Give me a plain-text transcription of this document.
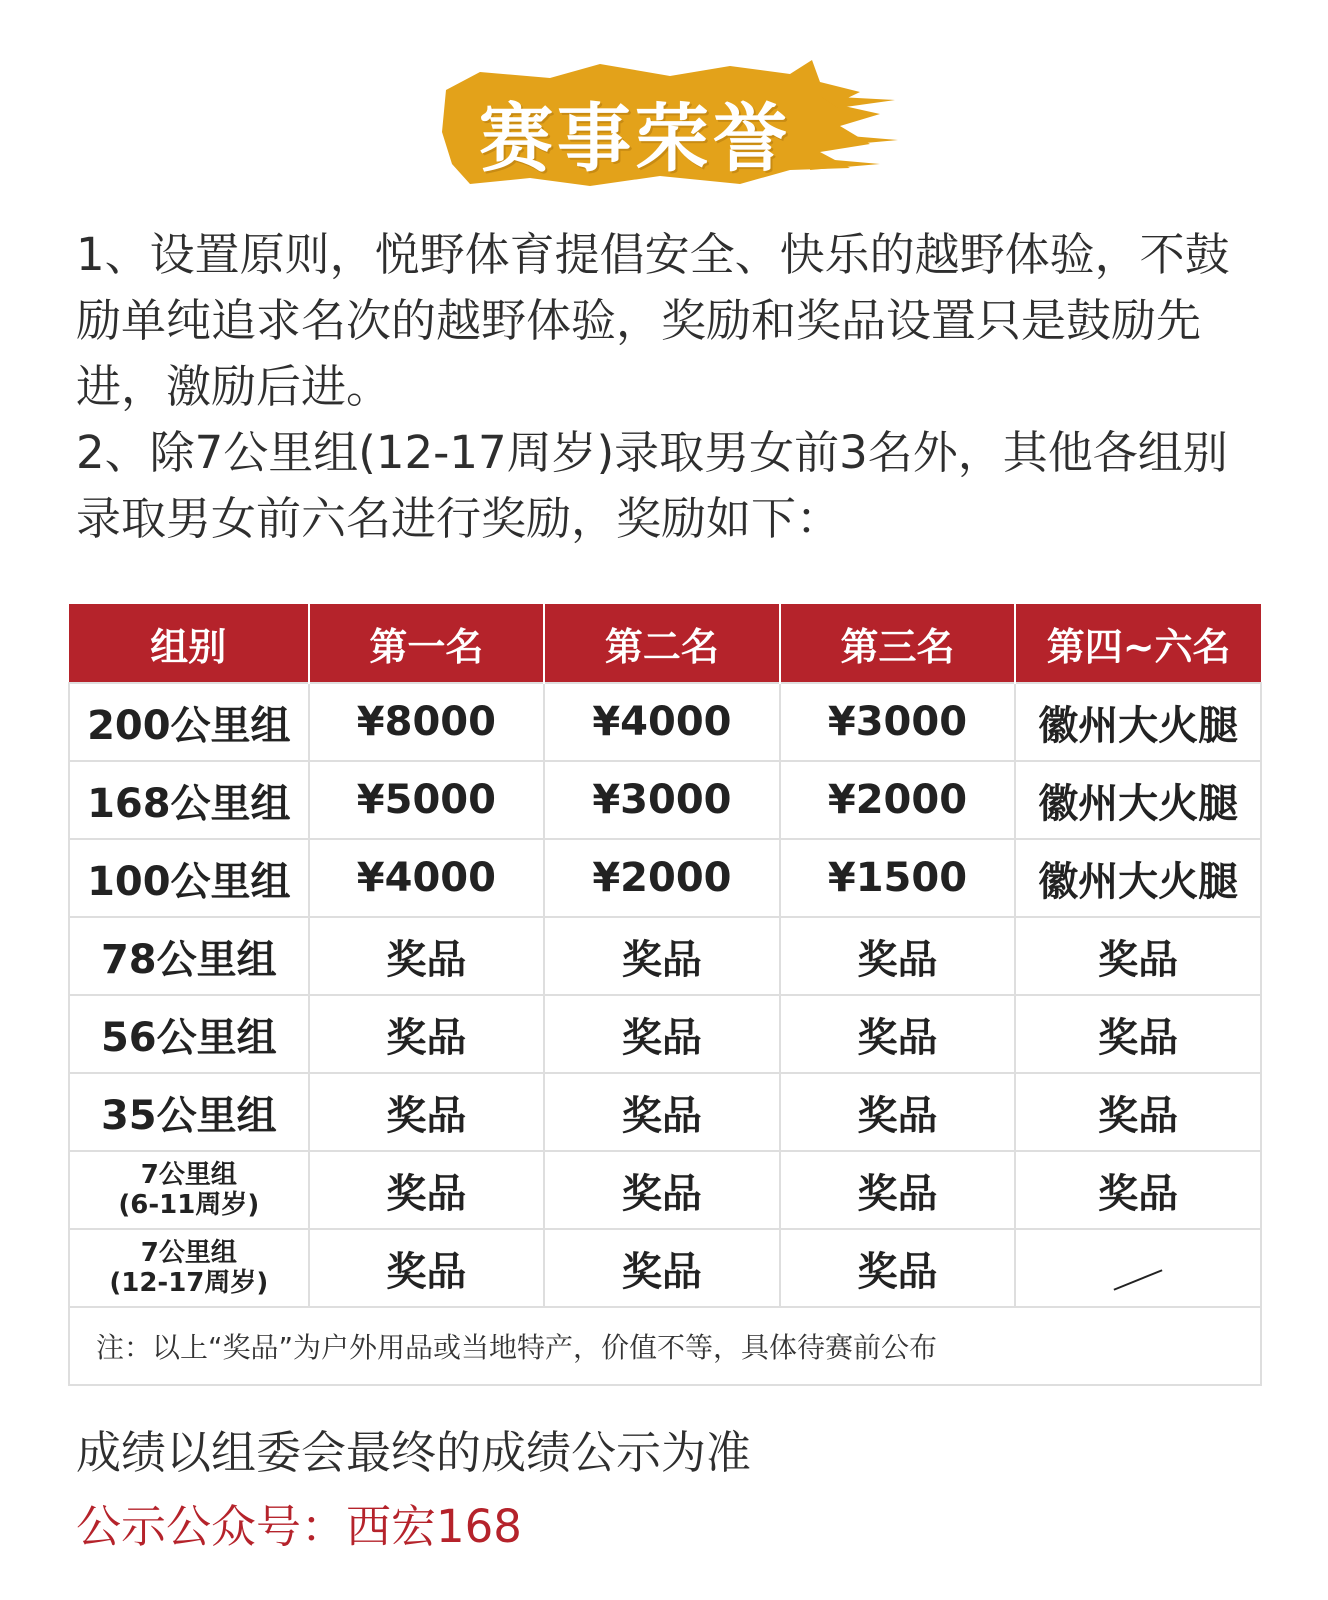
赛事荣誉

1、设置原则，悦野体育提倡安全、快乐的越野体验，不鼓励单纯追求名次的越野体验，奖励和奖品设置只是鼓励先进，激励后进。

2、除7公里组(12-17周岁)录取男女前3名外，其他各组别录取男女前六名进行奖励，奖励如下：

组别	第一名	第二名	第三名	第四~六名
200公里组	¥8000	¥4000	¥3000	徽州大火腿
168公里组	¥5000	¥3000	¥2000	徽州大火腿
100公里组	¥4000	¥2000	¥1500	徽州大火腿
78公里组	奖品	奖品	奖品	奖品
56公里组	奖品	奖品	奖品	奖品
35公里组	奖品	奖品	奖品	奖品

7公里组
(6-11周岁)	奖品	奖品	奖品	奖品

7公里组
(12-17周岁)	奖品	奖品	奖品	
注：以上“奖品”为户外用品或当地特产，价值不等，具体待赛前公布				
成绩以组委会最终的成绩公示为准
公示公众号：西宏168
